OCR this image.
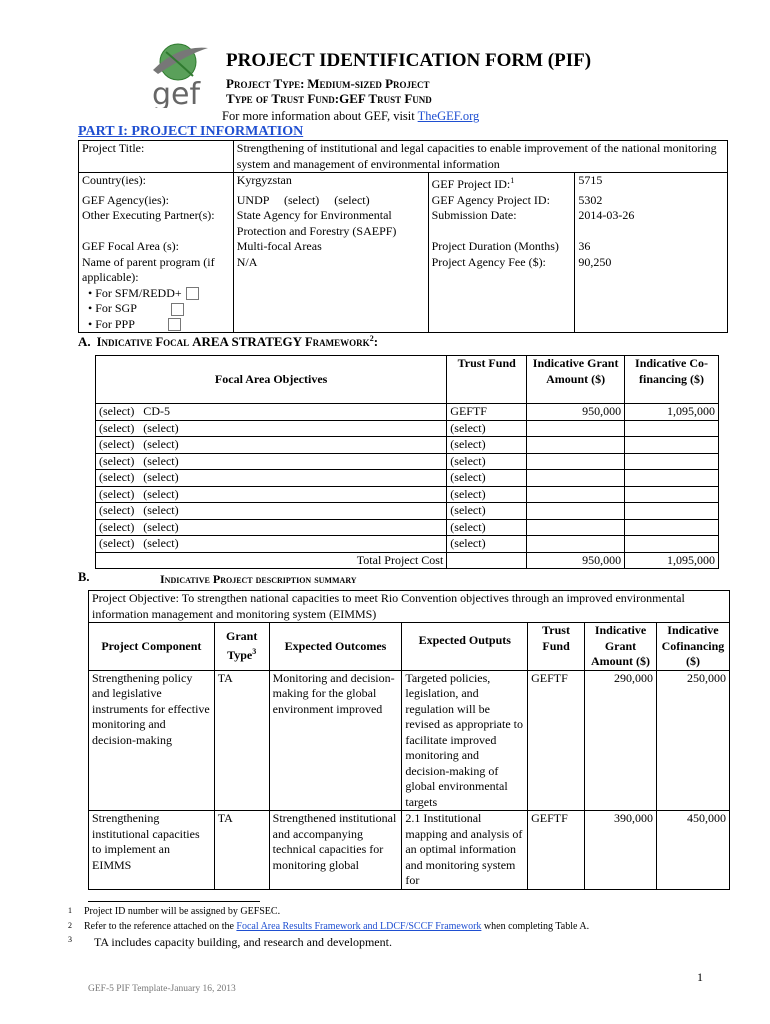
gef
PROJECT IDENTIFICATION FORM (PIF)
Project Type: Medium-sized Project
Type of Trust Fund:GEF Trust Fund
For more information about GEF, visit TheGEF.org
PART I: PROJECT INFORMATION
Project Title:	Strengthening of institutional and legal capacities to enable improvement of the national monitoring system and management of environmental information		
Country(ies):	Kyrgyzstan	GEF Project ID:$^1$	5715
GEF Agency(ies):	UNDP     (select)     (select)	GEF Agency Project ID:	5302
Other Executing Partner(s):	State Agency for Environmental Protection and Forestry (SAEPF)	Submission Date:	2014-03-26
GEF Focal Area (s):	Multi-focal Areas	Project Duration (Months)	36

Name of parent program (if applicable):
• For SFM/REDD+
• For SGP
• For PPP	N/A	Project Agency Fee ($):	90,250
A. Indicative Focal AREA STRATEGY Framework$^2$:
Focal Area Objectives	Trust Fund	Indicative Grant Amount ($)	Indicative Co-financing ($)
(select)   CD-5	GEFTF	950,000	1,095,000
(select)   (select)	(select)		
(select)   (select)	(select)		
(select)   (select)	(select)		
(select)   (select)	(select)		
(select)   (select)	(select)		
(select)   (select)	(select)		
(select)   (select)	(select)		
(select)   (select)	(select)		
Total Project Cost		950,000	1,095,000
B.	Indicative Project description summary
Project Objective: To strengthen national capacities to meet Rio Convention objectives through an improved environmental information management and monitoring system (EIMMS)						
Project Component	Grant Type$^3$	Expected Outcomes	Expected Outputs	Trust Fund	Indicative Grant Amount ($)	Indicative Cofinancing ($)
Strengthening policy and legislative instruments for effective monitoring and decision-making	TA	Monitoring and decision-making for the global environment improved	Targeted policies, legislation, and regulation will be revised as appropriate to facilitate improved monitoring and decision-making of global environmental targets	GEFTF	290,000	250,000
Strengthening institutional capacities to implement an EIMMS	TA	Strengthened institutional and accompanying technical capacities for monitoring global	2.1 Institutional mapping and analysis of an optimal information and monitoring system for	GEFTF	390,000	450,000
1 Project ID number will be assigned by GEFSEC.
2 Refer to the reference attached on the Focal Area Results Framework and LDCF/SCCF Framework when completing Table A.
3 TA includes capacity building, and research and development.
1
GEF-5 PIF Template-January 16, 2013
